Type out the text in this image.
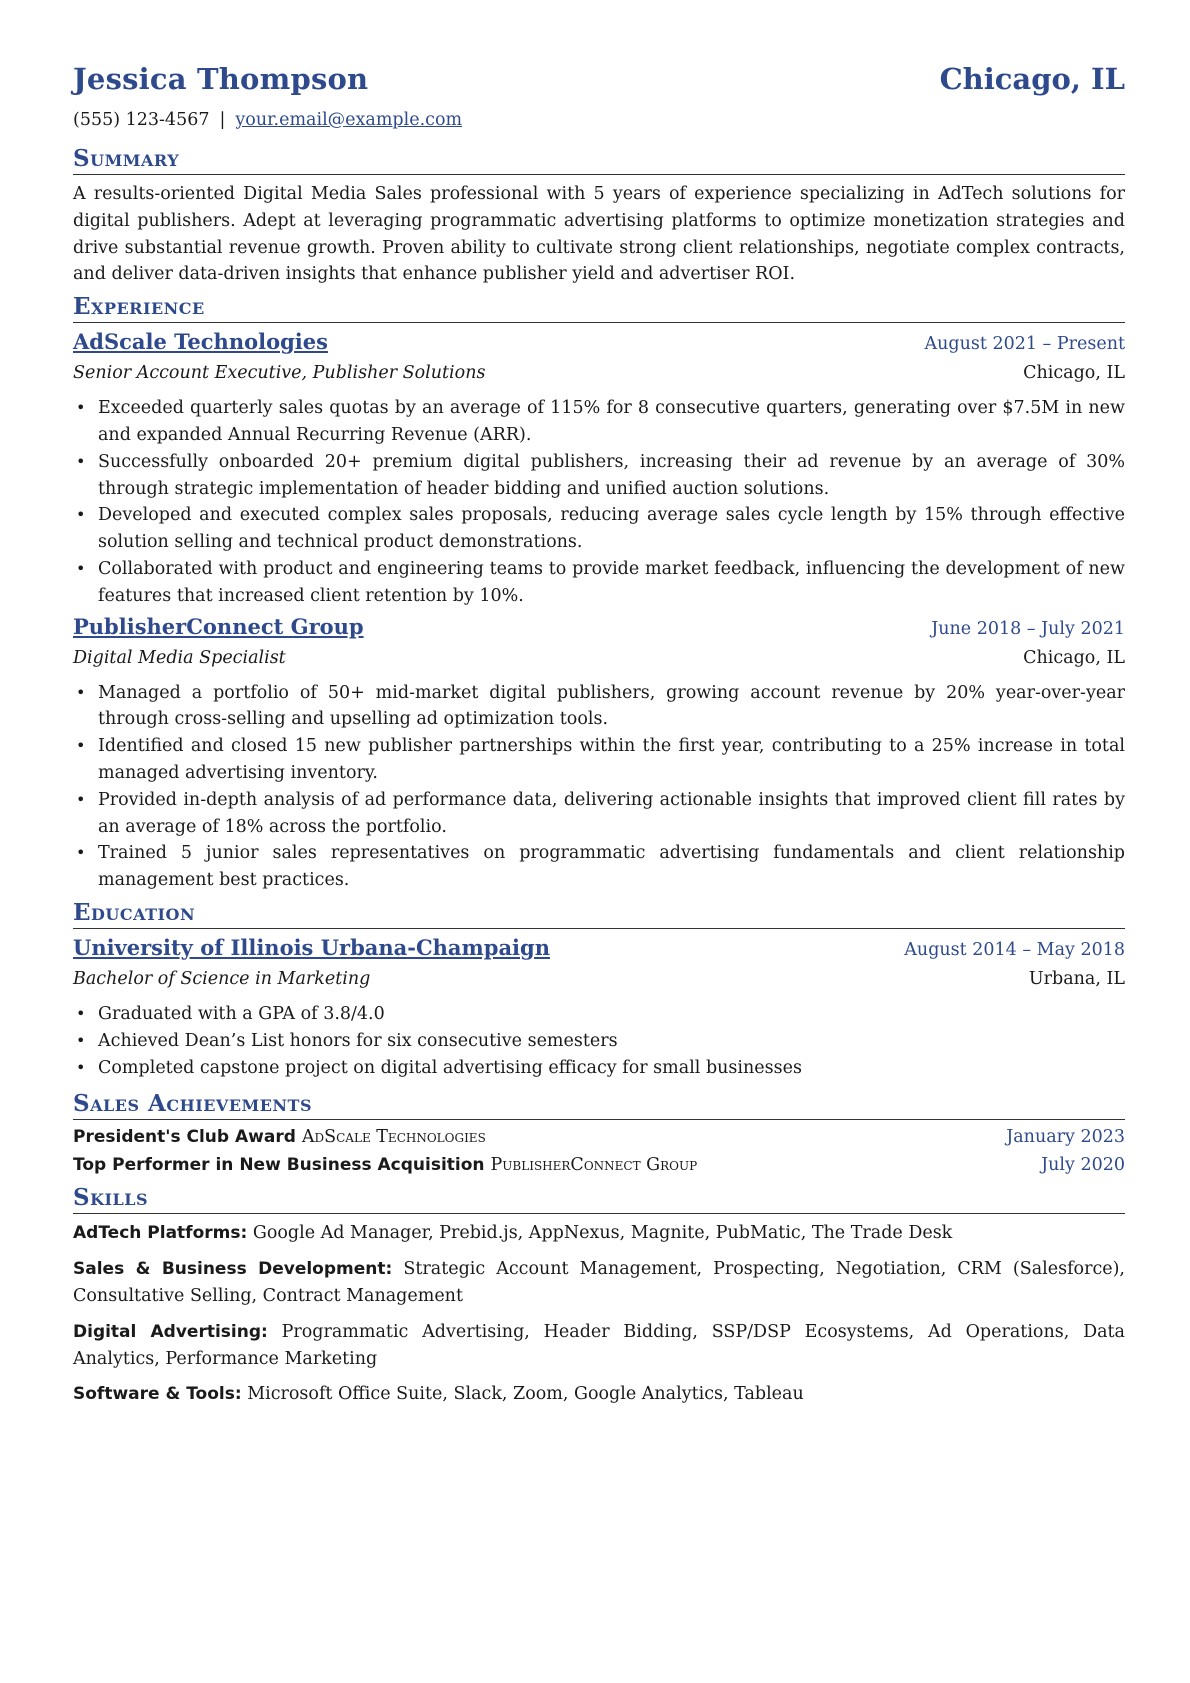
Jessica Thompson	Chicago, IL
(555) 123-4567 | your.email@example.com
Summary
A results-oriented Digital Media Sales professional with 5 years of experience specializing in AdTech solutions for digital publishers. Adept at leveraging programmatic advertising platforms to optimize monetization strategies and drive substantial revenue growth. Proven ability to cultivate strong client relationships, negotiate complex contracts, and deliver data-driven insights that enhance publisher yield and advertiser ROI.
Experience
AdScale Technologies	August 2021 – Present
Senior Account Executive, Publisher Solutions	Chicago, IL
• Exceeded quarterly sales quotas by an average of 115% for 8 consecutive quarters, generating over $7.5M in new and expanded Annual Recurring Revenue (ARR).
• Successfully onboarded 20+ premium digital publishers, increasing their ad revenue by an average of 30% through strategic implementation of header bidding and unified auction solutions.
• Developed and executed complex sales proposals, reducing average sales cycle length by 15% through effective solution selling and technical product demonstrations.
• Collaborated with product and engineering teams to provide market feedback, influencing the development of new features that increased client retention by 10%.
PublisherConnect Group	June 2018 – July 2021
Digital Media Specialist	Chicago, IL
• Managed a portfolio of 50+ mid-market digital publishers, growing account revenue by 20% year-over-year through cross-selling and upselling ad optimization tools.
• Identified and closed 15 new publisher partnerships within the first year, contributing to a 25% increase in total managed advertising inventory.
• Provided in-depth analysis of ad performance data, delivering actionable insights that improved client fill rates by an average of 18% across the portfolio.
• Trained 5 junior sales representatives on programmatic advertising fundamentals and client relationship management best practices.
Education
University of Illinois Urbana-Champaign	August 2014 – May 2018
Bachelor of Science in Marketing	Urbana, IL
• Graduated with a GPA of 3.8/4.0
• Achieved Dean’s List honors for six consecutive semesters
• Completed capstone project on digital advertising efficacy for small businesses
Sales Achievements
President's Club Award AdScale Technologies	January 2023
Top Performer in New Business Acquisition PublisherConnect Group	July 2020
Skills
AdTech Platforms: Google Ad Manager, Prebid.js, AppNexus, Magnite, PubMatic, The Trade Desk
Sales & Business Development: Strategic Account Management, Prospecting, Negotiation, CRM (Salesforce), Consultative Selling, Contract Management
Digital Advertising: Programmatic Advertising, Header Bidding, SSP/DSP Ecosystems, Ad Operations, Data Analytics, Performance Marketing
Software & Tools: Microsoft Office Suite, Slack, Zoom, Google Analytics, Tableau
